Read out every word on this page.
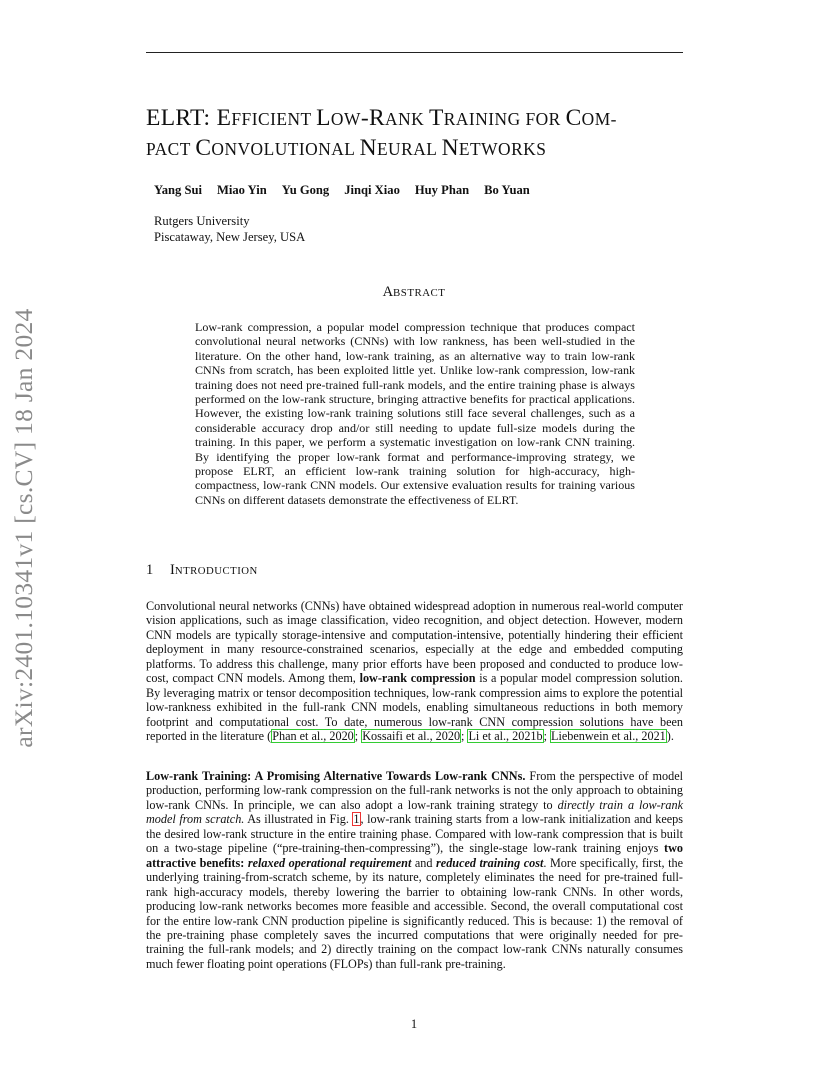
ELRT: EFFICIENT LOW-RANK TRAINING FOR COM-
PACT CONVOLUTIONAL NEURAL NETWORKS
Yang Sui Miao Yin Yu Gong Jinqi Xiao Huy Phan Bo Yuan
Rutgers University
Piscataway, New Jersey, USA
arXiv:2401.10341v1 [cs.CV] 18 Jan 2024
ABSTRACT
Low-rank compression, a popular model compression technique that produces compact convolutional neural networks (CNNs) with low rankness, has been well-studied in the literature. On the other hand, low-rank training, as an alternative way to train low-rank CNNs from scratch, has been exploited little yet. Unlike low-rank compression, low-rank training does not need pre-trained full-rank models, and the entire training phase is always performed on the low-rank structure, bringing attractive benefits for practical applications. However, the existing low-rank training solutions still face several challenges, such as a considerable accuracy drop and/or still needing to update full-size models during the training. In this paper, we perform a systematic investigation on low-rank CNN training. By identifying the proper low-rank format and performance-improving strategy, we propose ELRT, an efficient low-rank training solution for high-accuracy, high-compactness, low-rank CNN models. Our extensive evaluation results for training various CNNs on different datasets demonstrate the effectiveness of ELRT.
1 INTRODUCTION
Convolutional neural networks (CNNs) have obtained widespread adoption in numerous real-world computer vision applications, such as image classification, video recognition, and object detection. However, modern CNN models are typically storage-intensive and computation-intensive, potentially hindering their efficient deployment in many resource-constrained scenarios, especially at the edge and embedded computing platforms. To address this challenge, many prior efforts have been proposed and conducted to produce low-cost, compact CNN models. Among them, low-rank compression is a popular model compression solution. By leveraging matrix or tensor decomposition techniques, low-rank compression aims to explore the potential low-rankness exhibited in the full-rank CNN models, enabling simultaneous reductions in both memory footprint and computational cost. To date, numerous low-rank CNN compression solutions have been reported in the literature (Phan et al., 2020; Kossaifi et al., 2020; Li et al., 2021b; Liebenwein et al., 2021).
Low-rank Training: A Promising Alternative Towards Low-rank CNNs. From the perspective of model production, performing low-rank compression on the full-rank networks is not the only approach to obtaining low-rank CNNs. In principle, we can also adopt a low-rank training strategy to directly train a low-rank model from scratch. As illustrated in Fig. 1, low-rank training starts from a low-rank initialization and keeps the desired low-rank structure in the entire training phase. Compared with low-rank compression that is built on a two-stage pipeline (“pre-training-then-compressing”), the single-stage low-rank training enjoys two attractive benefits: relaxed operational requirement and reduced training cost. More specifically, first, the underlying training-from-scratch scheme, by its nature, completely eliminates the need for pre-trained full-rank high-accuracy models, thereby lowering the barrier to obtaining low-rank CNNs. In other words, producing low-rank networks becomes more feasible and accessible. Second, the overall computational cost for the entire low-rank CNN production pipeline is significantly reduced. This is because: 1) the removal of the pre-training phase completely saves the incurred computations that were originally needed for pre-training the full-rank models; and 2) directly training on the compact low-rank CNNs naturally consumes much fewer floating point operations (FLOPs) than full-rank pre-training.
1
